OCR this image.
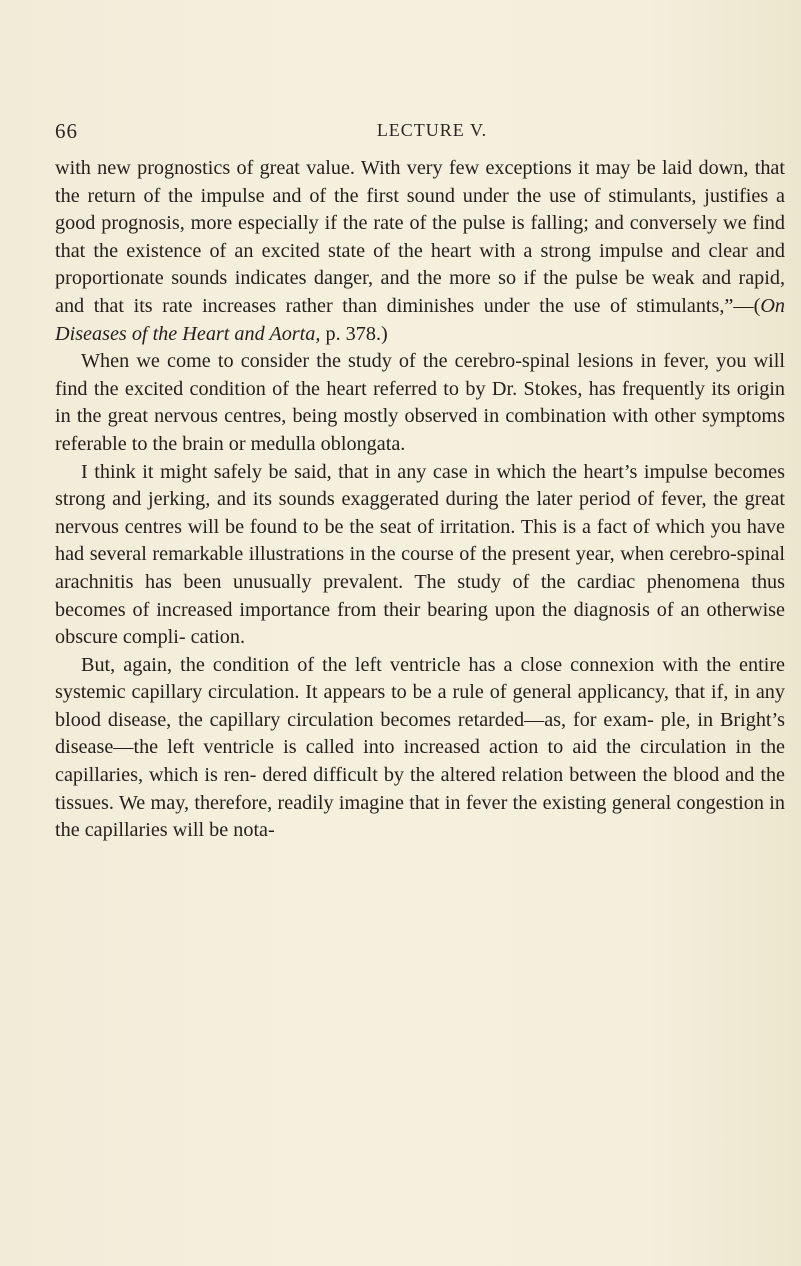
66	LECTURE V.

with new prognostics of great value. With very few exceptions it may be laid down, that the return of the impulse and of the first sound under the use of stimulants, justifies a good prognosis, more especially if the rate of the pulse is falling; and conversely we find that the existence of an excited state of the heart with a strong impulse and clear and proportionate sounds indicates danger, and the more so if the pulse be weak and rapid, and that its rate increases rather than diminishes under the use of stimulants,”—(On Diseases of the Heart and Aorta, p. 378.)

When we come to consider the study of the cerebro-spinal lesions in fever, you will find the excited condition of the heart referred to by Dr. Stokes, has frequently its origin in the great nervous centres, being mostly observed in combination with other symptoms referable to the brain or medulla oblongata.

I think it might safely be said, that in any case in which the heart’s impulse becomes strong and jerking, and its sounds exaggerated during the later period of fever, the great nervous centres will be found to be the seat of irritation. This is a fact of which you have had several remarkable illustrations in the course of the present year, when cerebro-spinal arachnitis has been unusually prevalent. The study of the cardiac phenomena thus becomes of increased importance from their bearing upon the diagnosis of an otherwise obscure compli- cation.

But, again, the condition of the left ventricle has a close connexion with the entire systemic capillary circulation. It appears to be a rule of general applicancy, that if, in any blood disease, the capillary circulation becomes retarded—as, for exam- ple, in Bright’s disease—the left ventricle is called into increased action to aid the circulation in the capillaries, which is ren- dered difficult by the altered relation between the blood and the tissues. We may, therefore, readily imagine that in fever the existing general congestion in the capillaries will be nota-
